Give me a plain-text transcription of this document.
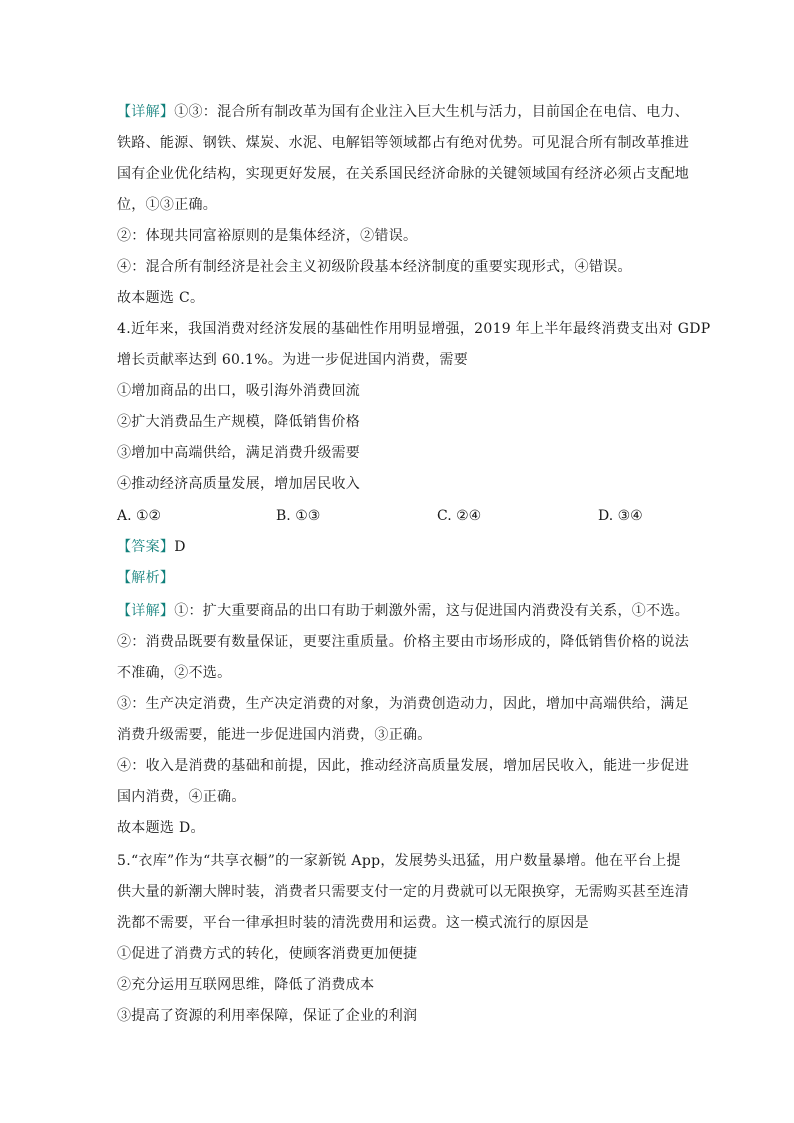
【详解】①③：混合所有制改革为国有企业注入巨大生机与活力，目前国企在电信、电力、
铁路、能源、钢铁、煤炭、水泥、电解铝等领域都占有绝对优势。可见混合所有制改革推进
国有企业优化结构，实现更好发展，在关系国民经济命脉的关键领域国有经济必须占支配地
位，①③正确。
②：体现共同富裕原则的是集体经济，②错误。
④：混合所有制经济是社会主义初级阶段基本经济制度的重要实现形式，④错误。
故本题选 C。
4.近年来，我国消费对经济发展的基础性作用明显增强，2019 年上半年最终消费支出对 GDP
增长贡献率达到 60.1%。为进一步促进国内消费，需要
①增加商品的出口，吸引海外消费回流
②扩大消费品生产规模，降低销售价格
③增加中高端供给，满足消费升级需要
④推动经济高质量发展，增加居民收入
A. ①②	B. ①③	C. ②④	D. ③④
【答案】D
【解析】
【详解】①：扩大重要商品的出口有助于刺激外需，这与促进国内消费没有关系，①不选。
②：消费品既要有数量保证，更要注重质量。价格主要由市场形成的，降低销售价格的说法
不准确，②不选。
③：生产决定消费，生产决定消费的对象，为消费创造动力，因此，增加中高端供给，满足
消费升级需要，能进一步促进国内消费，③正确。
④：收入是消费的基础和前提，因此，推动经济高质量发展，增加居民收入，能进一步促进
国内消费，④正确。
故本题选 D。
5.“衣库”作为“共享衣橱”的一家新锐 App，发展势头迅猛，用户数量暴增。他在平台上提
供大量的新潮大牌时装，消费者只需要支付一定的月费就可以无限换穿，无需购买甚至连清
洗都不需要，平台一律承担时装的清洗费用和运费。这一模式流行的原因是
①促进了消费方式的转化，使顾客消费更加便捷
②充分运用互联网思维，降低了消费成本
③提高了资源的利用率保障，保证了企业的利润
